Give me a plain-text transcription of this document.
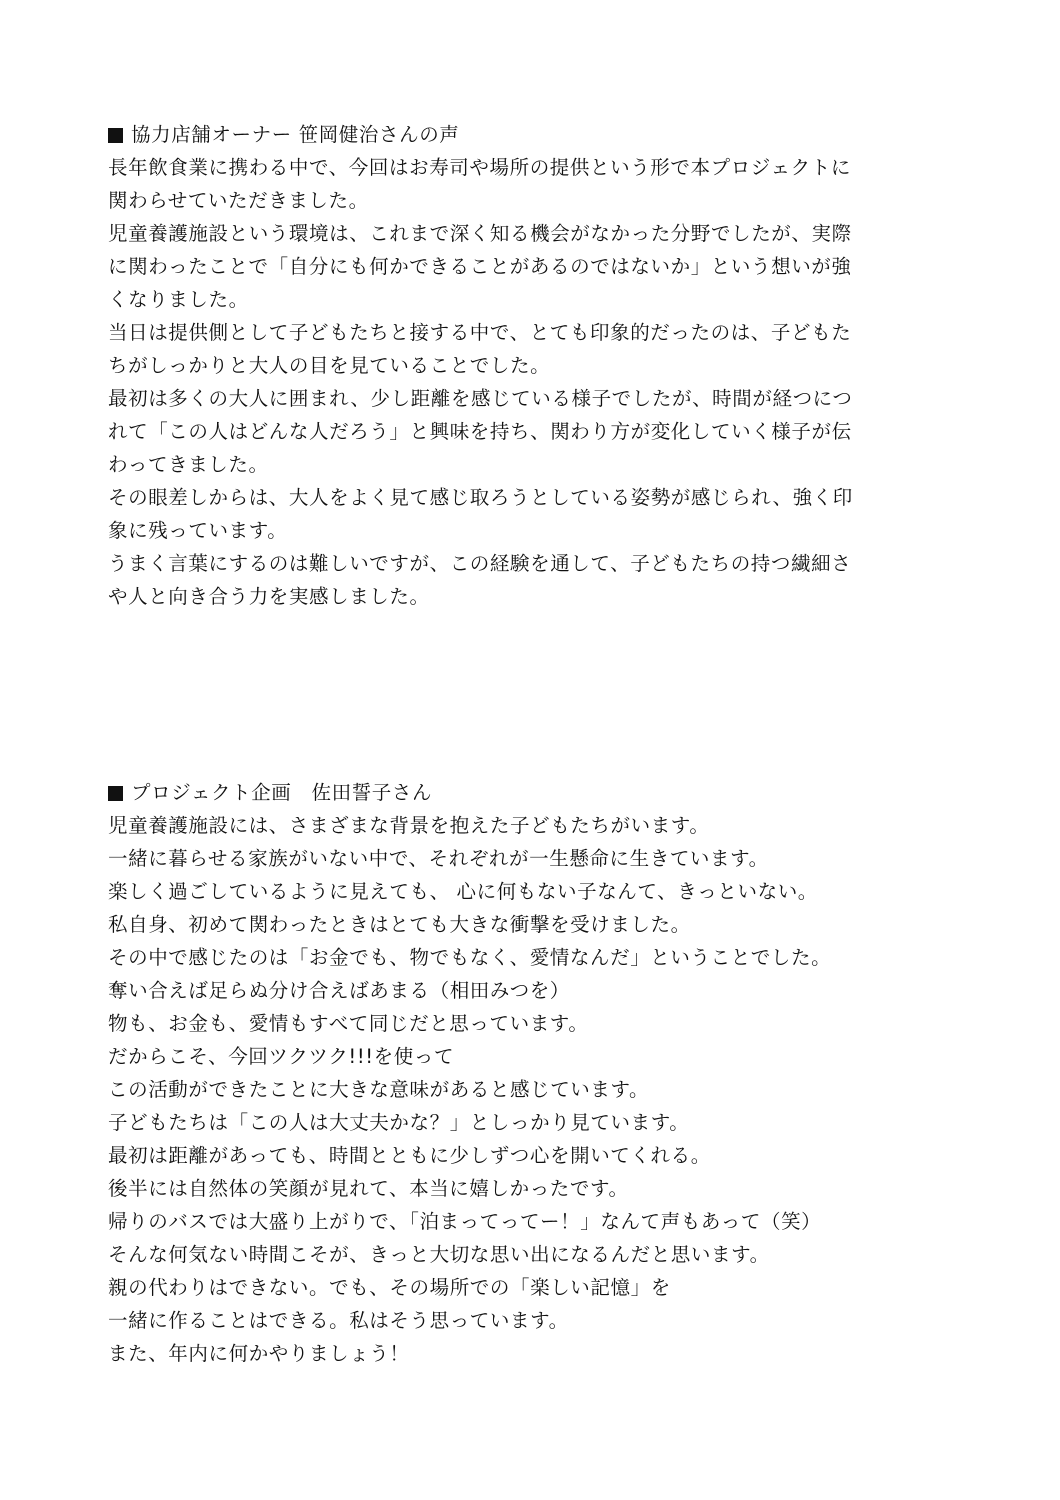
協力店舗オーナー 笹岡健治さんの声
長年飲食業に携わる中で、今回はお寿司や場所の提供という形で本プロジェクトに
関わらせていただきました。
児童養護施設という環境は、これまで深く知る機会がなかった分野でしたが、実際
に関わったことで「自分にも何かできることがあるのではないか」という想いが強
くなりました。
当日は提供側として子どもたちと接する中で、とても印象的だったのは、子どもた
ちがしっかりと大人の目を見ていることでした。
最初は多くの大人に囲まれ、少し距離を感じている様子でしたが、時間が経つにつ
れて「この人はどんな人だろう」と興味を持ち、関わり方が変化していく様子が伝
わってきました。
その眼差しからは、大人をよく見て感じ取ろうとしている姿勢が感じられ、強く印
象に残っています。
うまく言葉にするのは難しいですが、この経験を通して、子どもたちの持つ繊細さ
や人と向き合う力を実感しました。
プロジェクト企画　佐田誓子さん
児童養護施設には、さまざまな背景を抱えた子どもたちがいます。
一緒に暮らせる家族がいない中で、それぞれが一生懸命に生きています。
楽しく過ごしているように見えても、 心に何もない子なんて、きっといない。
私自身、初めて関わったときはとても大きな衝撃を受けました。
その中で感じたのは「お金でも、物でもなく、愛情なんだ」ということでした。
奪い合えば足らぬ分け合えばあまる（相田みつを）
物も、お金も、愛情もすべて同じだと思っています。
だからこそ、今回ツクツク!!!を使って
この活動ができたことに大きな意味があると感じています。
子どもたちは「この人は大丈夫かな？」としっかり見ています。
最初は距離があっても、時間とともに少しずつ心を開いてくれる。
後半には自然体の笑顔が見れて、本当に嬉しかったです。
帰りのバスでは大盛り上がりで、「泊まってってー！」なんて声もあって（笑）
そんな何気ない時間こそが、きっと大切な思い出になるんだと思います。
親の代わりはできない。でも、その場所での「楽しい記憶」を
一緒に作ることはできる。私はそう思っています。
また、年内に何かやりましょう！
